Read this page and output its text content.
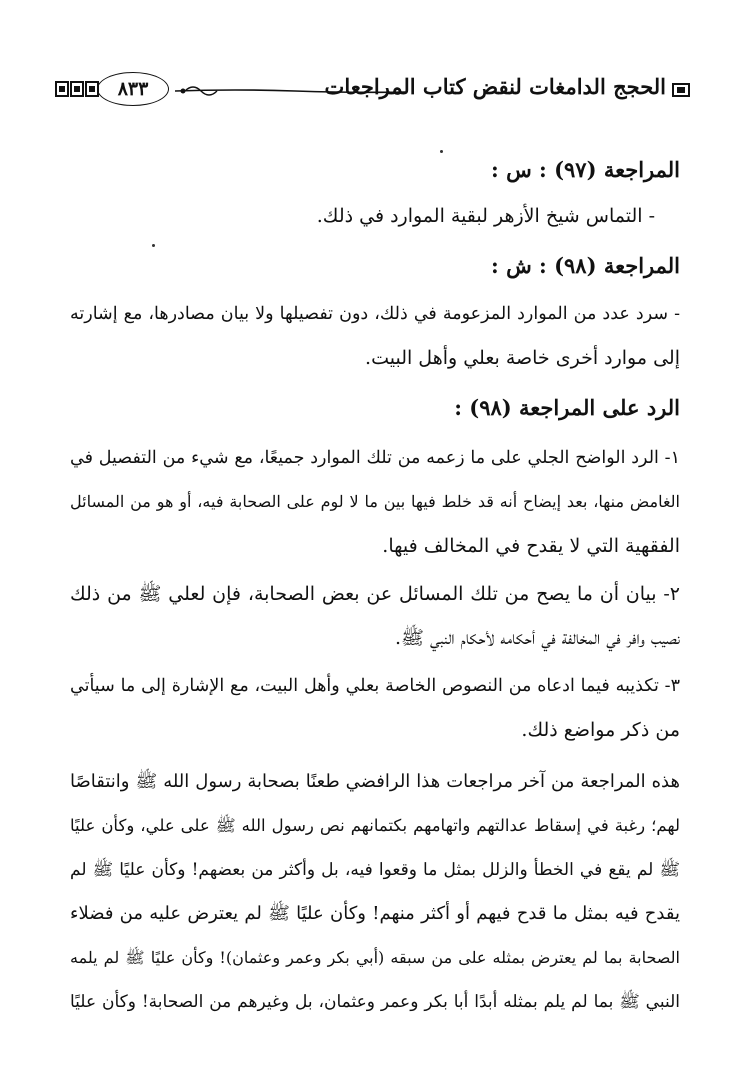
الحجج الدامغات لنقض كتاب المراجعات
٨٣٣
المراجعة (٩٧) : س :
- التماس شيخ الأزهر لبقية الموارد في ذلك.
المراجعة (٩٨) : ش :
- سرد عدد من الموارد المزعومة في ذلك، دون تفصيلها ولا بيان مصادرها، مع إشارته
إلى موارد أخرى خاصة بعلي وأهل البيت.
الرد على المراجعة (٩٨) :
١- الرد الواضح الجلي على ما زعمه من تلك الموارد جميعًا، مع شيء من التفصيل في
الغامض منها، بعد إيضاح أنه قد خلط فيها بين ما لا لوم على الصحابة فيه، أو هو من المسائل
الفقهية التي لا يقدح في المخالف فيها.
٢- بيان أن ما يصح من تلك المسائل عن بعض الصحابة، فإن لعلي ﷺ من ذلك
نصيب وافر في المخالفة في أحكامه لأحكام النبي ﷺ.
٣- تكذيبه فيما ادعاه من النصوص الخاصة بعلي وأهل البيت، مع الإشارة إلى ما سيأتي
من ذكر مواضع ذلك.
هذه المراجعة من آخر مراجعات هذا الرافضي طعنًا بصحابة رسول الله ﷺ وانتقاصًا
لهم؛ رغبة في إسقاط عدالتهم واتهامهم بكتمانهم نص رسول الله ﷺ على علي، وكأن عليًا
ﷺ لم يقع في الخطأ والزلل بمثل ما وقعوا فيه، بل وأكثر من بعضهم! وكأن عليًا ﷺ لم
يقدح فيه بمثل ما قدح فيهم أو أكثر منهم! وكأن عليًا ﷺ لم يعترض عليه من فضلاء
الصحابة بما لم يعترض بمثله على من سبقه (أبي بكر وعمر وعثمان)! وكأن عليًا ﷺ لم يلمه
النبي ﷺ بما لم يلم بمثله أبدًا أبا بكر وعمر وعثمان، بل وغيرهم من الصحابة! وكأن عليًا
